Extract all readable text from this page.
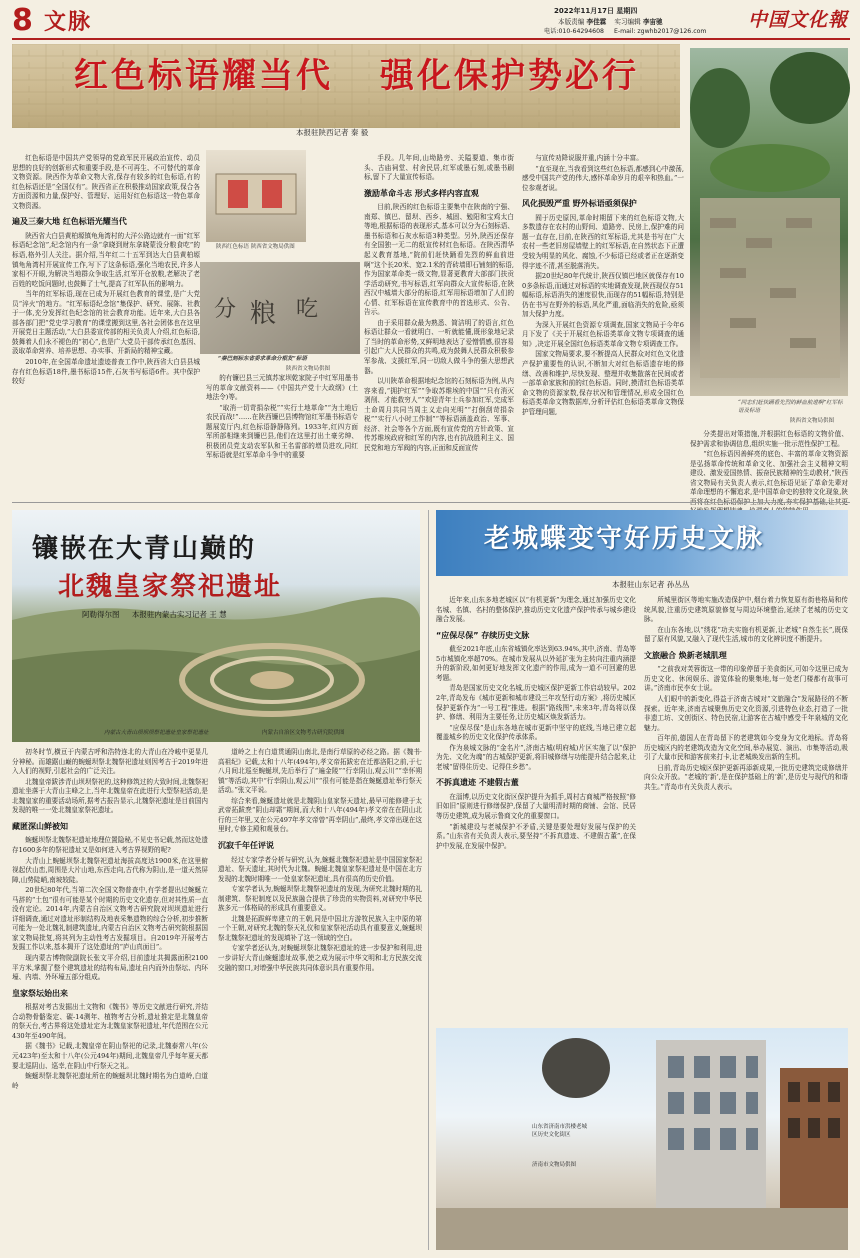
8 文脉	2022年11月17日 星期四
本版责编 李佳霖 实习编辑 李宙驰
电话:010-64294608 E-mail: zgwhb2017@126.com
中国文化報
红色标语耀当代 强化保护势必行
本报驻陕西记者 秦 毅
“同志们赶快踊看先烈的鲜血前进啊”红军标语及标语
陕西省文物局供图
陕西红色标语 陕西省文物局供图
分 粮 吃
“秦巴刻标东省委求革命分根发”标语
陕西省文物局供图

红色标语是中国共产党领导的党政军民开展政治宣传、动员思想的良好的创新形式和重要手段,是不可再生、不可替代的革命文物资源。陕西作为革命文物大省,保存有较多的红色标语,有的红色标语还是“全国仅有”。陕西省正在积极推动国家政策,保合各方面资源和力量,保护好、管理好、运用好红色标语这一特色革命文物资源。

遍及三秦大地 红色标语光耀当代

陕西省大白县黄柏塬镇龟角湾村的大洋公路边就有一面“红军标语纪念馆”,纪念馆内有一条“拿晓到财东拿晓蒙没分粮食吃”的标语,格外引人关注。据介绍,当年红二十五军到达大白县黄柏塬镇龟角湾村开展宣传工作,写下了这条标语,强化当地农民,许多人家相不开眼,为解决当地群众争取生活,红军开仓放粮,老解决了老百姓的吃饭问题时,也鼓舞了士气,提高了红军队伍的影响力。

当年的红军标语,现在已成为开展红色教育的课堂,是广大党员“淬火”的地方。“红军标语纪念馆”集保护、研究、展陈、社教于一体,充分发挥红色纪念馆的社会教育功能。近年来,大白县各部各部门把“党史学习教育”的课堂搬到这里,各社会团体也在这里开展党日主题活动,“大白县委宣传部的相关负责人介绍,红色标语,鼓舞着人们永不褪色的“初心”,也是广大党员干部传承红色基因、汲取革命营养、培养思想、办实事、开新局的精神宝藏。

2010年,在全国革命遗址遗迹普查工作中,陕西省大白县县城存有红色标语18件,墨书标语15件,石灰书写标语6件。其中保护较好	的有镰巴县三元镇苏家坝乾家院子中红军用墨书写的革命文献资料——《中国共产党十大政纲》(土地法令)等。

“取消一切苛捐杂税”“实行土地革命”“为土地后农民而战!”……在陕西镰巴县博物馆红军墨书标语专题展览厅内,红色标语静静陈列。1933年,红四方面军所部相继来到镰巴县,他们在这里打出土豪劣绅、积极团员党支动农军队和王名雷部的增员进攻,同红军标语就是红军革命斗争中的重要

手段。几年间,山坳路旁、关隘要道、集市街头、古庙祠堂、村舍民居,红军或墨石刻,或墨书刷标,留下了大量宣传标语。

激励革命斗志 形式多样内容直观

目前,陕西的红色标语主要集中在陕南的宁强、南郑、镇巴、留坝、西乡、城固、勉阳和宝鸡太白等地,根据标语的表现形式,基本可以分为石刻标语、墨书标语和石灰水标语3种类型。另外,陕西还保存有全国独一无二的纸宣传材红色标语。在陕西渭华起义教育基地,“院前们赶快踊看先烈的鲜血前进啊”这个长20米、宽2.1米的青砖墙即石铺刻的标语,作为国家革命类一级文物,显著更教育大部部门扶贡学活动研究,书写标语,红军向群众大宣传标语,在陕西汉中城墙大部分的标语,红军用标语增加了人们的心情、红军标语在宣传教育中的首选形式、公告、告示。

由于采用群众最为熟悉、简洁明了的语言,红色标语让群众一看就明白、一听就能懂,既形象地记录了当时的革命形势,又鲜明地表达了爱憎情感,很容易引起广大人民群众的共鸣,成为鼓舞人民群众积极参军参战、支援红军,同一切敌人做斗争的强大思想武器。

以川陕革命根据地纪念馆的石刻标语为例,从内容来看,“拥护红军”“争取苏维埃的中国”“只有消灭剥削、才能救穷人”“欢迎青年士兵参加红军,完成军土命周月共同当周主义走向光明”“打倒刮苛捐杂税”“实行八小时工作制”“等标语涵盖政治、军事、经济、社会等各个方面,既有宣传党的方针政策、宣传苏维埃政府和红军的内容,也有抗战胜利主义、国民党和地方军阀的内容,正面和反面宣传

与宣传劝降说服并重,内涵十分丰富。

“直至现在,当我看到这些红色标语,都感到心中激荡,感受中国共产党的伟大,感怀革命岁月的艰辛和热血。”一位参观者说。

风化损毁严重 野外标语亟须保护

囿于历史原因,革命时期留下来的红色标语文物,大多数遗存在农村的山野间、道路旁、民房上,保护难的问题一直存在,目前,在陕西的红军标语,尤其是书写在广大农村一些老旧房屋墙壁上的红军标语,在自然状态下正遭受较为明显的风化、腐蚀,不少标语已经或者正在逐渐变得字迹不清,甚至脱落消失。

据20世纪80年代统计,陕西仅镇巴地区就保存有100多条标语,而通过对标语的实地调查发现,陕西现仅存51幅标语,标语消失的速度很快,而现存的51幅标语,特别是仍在书写在野外的标语,风化严重,面临消失的危险,亟须加大保护力度。

为深入开展红色资源专项调查,国家文物局于今年6月下发了《关于开展红色标语类革命文物专项调查的通知》,决定开展全国红色标语类革命文物专项调查工作。

国家文物局要求,要不断提高人民群众对红色文化遗产保护重要性的认识,不断加大对红色标语遗存地的修缮、改善和维护,尽快发现、整理并收集散落在民间或者一部革命家族和前的红色标语。同时,摸清红色标语类革命文物的资源家数,保存状况和管理情况,形成全国红色标语类革命文物数据库,分析评估红色标语类革命文物保护管理问题,

分类提出对策措施,并根据红色标语的文物价值、保护需求和协调信息,组织实施一批示范性保护工程。

“红色标语因善鲜亮的底色、丰富的革命文物资源是弘扬革命传统和革命文化、加强社会主义精神文明建设、激发爱国热情、振奋民族精神的生动教材,”陕西省文物局有关负责人表示,红色标语见证了革命先辈对革命理想的不懈追求,是中国革命史的独特文化现象,陕

镶嵌在大青山巅的
北魏皇家祭祀遗址
阿勒得尔图 本报驻内蒙古实习记者 王 慧
内蒙古大青山坝坝坝祭祀遗址皇家祭祀遗址	内蒙古自治区文物考古研究院供图

初冬时节,横亘于内蒙古呼和浩特连北的大青山在冷峻中更显几分神秘。而雄踞山巅的蜿蜒坝祭北魏祭祀遗址则因考古于2019年进入人们的视野,引起社会的广泛关注。

北魏皇帝跋涉青山坝坝祭祀的,这种修筑过的大致时间,北魏祭祀遗址坐落于大青山主峰之上,当年北魏皇帝在此进行大型祭祀活动,是北魏皇家的重要活动场所,据考古报告显示,北魏祭祀遗址是目前国内发现的唯一一处北魏皇家祭祀遗址。

藏匿深山鲜被知

蜿蜒坝祭北魏祭祀遗址地理位置隐秘,不见史书记载,然而这处遗存1600多年的祭祀遗址又是如何进入考古界视野的呢?

大青山上蜿蜒坝祭北魏祭祀遗址海拔高度达1900米,在这里俯视起伏山峦,周围是大片山地,东西走向,古代称为阴山,是一道天然屏障,山势陡峭,南坡较陡。

20世纪80年代,当第二次全国文物普查中,有学者提出过蜿蜒立马辞的“土包”很有可能是某个时期的历史文化遗存,但对其性质一直没有定论。2014年,内蒙古自治区文物考古研究院对坝坝遗址进行详细调查,通过对遗址形制结构及地表采集遗物的综合分析,初步推断可能为一处北魏礼制建筑遗址,内蒙古自治区文物考古研究院根据国家文物局批复,将其列为主动性考古发掘项目。自2019年开展考古发掘工作以来,基本揭开了这处遗址的“庐山真面目”。

现内蒙古博物院副院长张文平介绍,目前遗址共揭露面积2100平方米,掌握了整个建筑遗址的结构布局,遗址自内而外由祭坛、内环壕、内墙、外环壕五部分组成。

皇家祭坛始出来

根据对考古发掘出土文物和《魏书》等历史文献进行研究,并结合动物骨骼鉴定、碳-14测年、植物考古分析,遗址推定是北魏皇帝的祭天台,考古界将这处遗址定为北魏皇家祭祀遗址,年代范围在公元430年至490年间。

据《魏书》记载,北魏皇帝在阴山祭祀的记录,北魏泰常八年(公元423年)至太和十八年(公元494年)期间,北魏皇帝几乎每年夏天都要北巡阴山、巡幸,在阴山中行祭天之礼。

蜿蜒坝祭北魏祭祀遗址所在的蜿蜒坝北魏时期名为白道岭,白道岭

道岭之上有白道贯通阴山南北,是南行草原的必经之路。据《魏书·高祖纪》记载,太和十八年(494年),孝文帝拓跋宏在迁都洛阳之前,于七八月间北巡至蜿蜒坝,先后举行了“遍金陵”“行幸阴山,观云川”“幸怀朔镇”等活动,其中“行幸阴山,观云川”“很有可能是指在蜿蜒遗址举行祭天活动。”张文平说。

综合来看,蜿蜒遗址就是北魏阴山皇家祭天遗址,最早可能修建于太武帝拓跋焘“阴山却霜”期间,而大和十八年(494年)孝文帝在在阴山北行的三年里,又在公元497年孝文帝曾“再幸阴山”,最终,孝文帝出现在这里时,专修主殿和观景台。

沉寂千年任评说

经过专家学者分析与研究,认为,蜿蜒北魏祭祀遗址是中国国家祭祀遗址、祭天遗址,其时代为北魏。蜿蜒北魏皇家祭祀遗址是中国在北方发现的北魏时期唯一一处皇家祭祀遗址,具有很高的历史价值。

专家学者认为,蜿蜒坝祭北魏祭祀遗址的发现,为研究北魏时期的礼制建筑、祭祀制度以及民族融合提供了珍贵的实物资料,对研究中华民族多元一体格局的形成具有重要意义。

北魏是拓跋鲜卑建立的王朝,同是中国北方游牧民族入主中原的第一个王朝,对研究北魏的祭天礼仪和皇家祭祀活动具有重要意义,蜿蜒坝祭北魏祭祀遗址的发现填补了这一领域的空白。

专家学者还认为,对蜿蜒坝祭北魏祭祀遗址的进一步保护和利用,进一步讲好大青山蜿蜒遗址故事,使之成为展示中华文明和北方民族交流交融的窗口,对增强中华民族共同体意识具有重要作用。

老城蝶变守好历史文脉
本报驻山东记者 孙丛丛

近年来,山东多地老城区以“有机更新”为理念,通过加强历史文化名城、名镇、名村的整体保护,推动历史文化遗产保护传承与城乡建设融合发展。

“应保尽保” 存续历史文脉

截至2021年底,山东省城镇化率达到63.94%,其中,济南、青岛等5市城镇化率超70%。在城市发展从以外延扩张为主转向注重内涵提升的新阶段,如何更好地发挥文化遗产的作用,成为一道不可回避的思考题。

青岛是国家历史文化名城,历史城区保护更新工作启动较早。2022年,青岛发布《城市更新和城市建设三年攻坚行动方案》,将历史城区保护更新作为“一号工程”推进。根据“路线图”,未来3年,青岛将以保护、修缮、利用为主要任务,让历史城区焕发新活力。

“应保尽保”是山东各地在城市更新中坚守的底线,当地已建立起覆盖城乡的历史文化保护传承体系。

作为泉城文脉的“金名片”,济南古城(明府城)片区实施了以“保护为先、文化为魂”的古城保护更新,将旧城修缮与功能提升结合起来,让老城“留得住历史、记得住乡愁”。

不拆真遗迹 不建假古董

在淄博,以历史文化街区保护提升为抓手,周村古商城严格按照“修旧如旧”原则进行修缮保护,保留了大量明清时期的商铺、会馆、民居等历史建筑,成为展示鲁商文化的重要窗口。

“新城建设与老城保护不矛盾,关键是要处理好发展与保护的关系。”山东省有关负责人表示,要坚持“不拆真遗迹、不建假古董”,在保护中发展,在发展中保护。

所城里街区等地实施改造保护中,烟台着力恢复原有街巷格局和传统风貌,注重历史建筑原貌修复与周边环境整治,延续了老城的历史文脉。

在山东各地,以“绣花”功夫实施有机更新,让老城“自然生长”,既保留了原有风貌,又融入了现代生活,城市的文化辨识度不断提升。

文旅融合 焕新老城肌理

“之前我对芙蓉街这一带的印象停留于美食街区,可如今这里已成为历史文化、休闲娱乐、游览体验的聚集地,每一处老门楼都有故事可讲。”济南市民李女士说。

人们眼中的新变化,得益于济南古城对“文旅融合”发展路径的不断探索。近年来,济南古城聚焦历史文化资源,引进特色业态,打造了一批非遗工坊、文创街区、特色民宿,让游客在古城中感受千年泉城的文化魅力。

百年前,德国人在青岛留下的老建筑如今变身为文化地标。青岛将历史城区内的老建筑改造为文化空间,举办展览、演出、市集等活动,吸引了大量市民和游客前来打卡,让老城焕发出新的生机。

日前,青岛历史城区保护更新再添新成果,一批历史建筑完成修缮并向公众开放。“老城的‘新’,是在保护基础上的‘新’,是历史与现代的和谐共生。”青岛市有关负责人表示。

山东省济南市洪楼老城区历史文化街区
济南市文物局供图
